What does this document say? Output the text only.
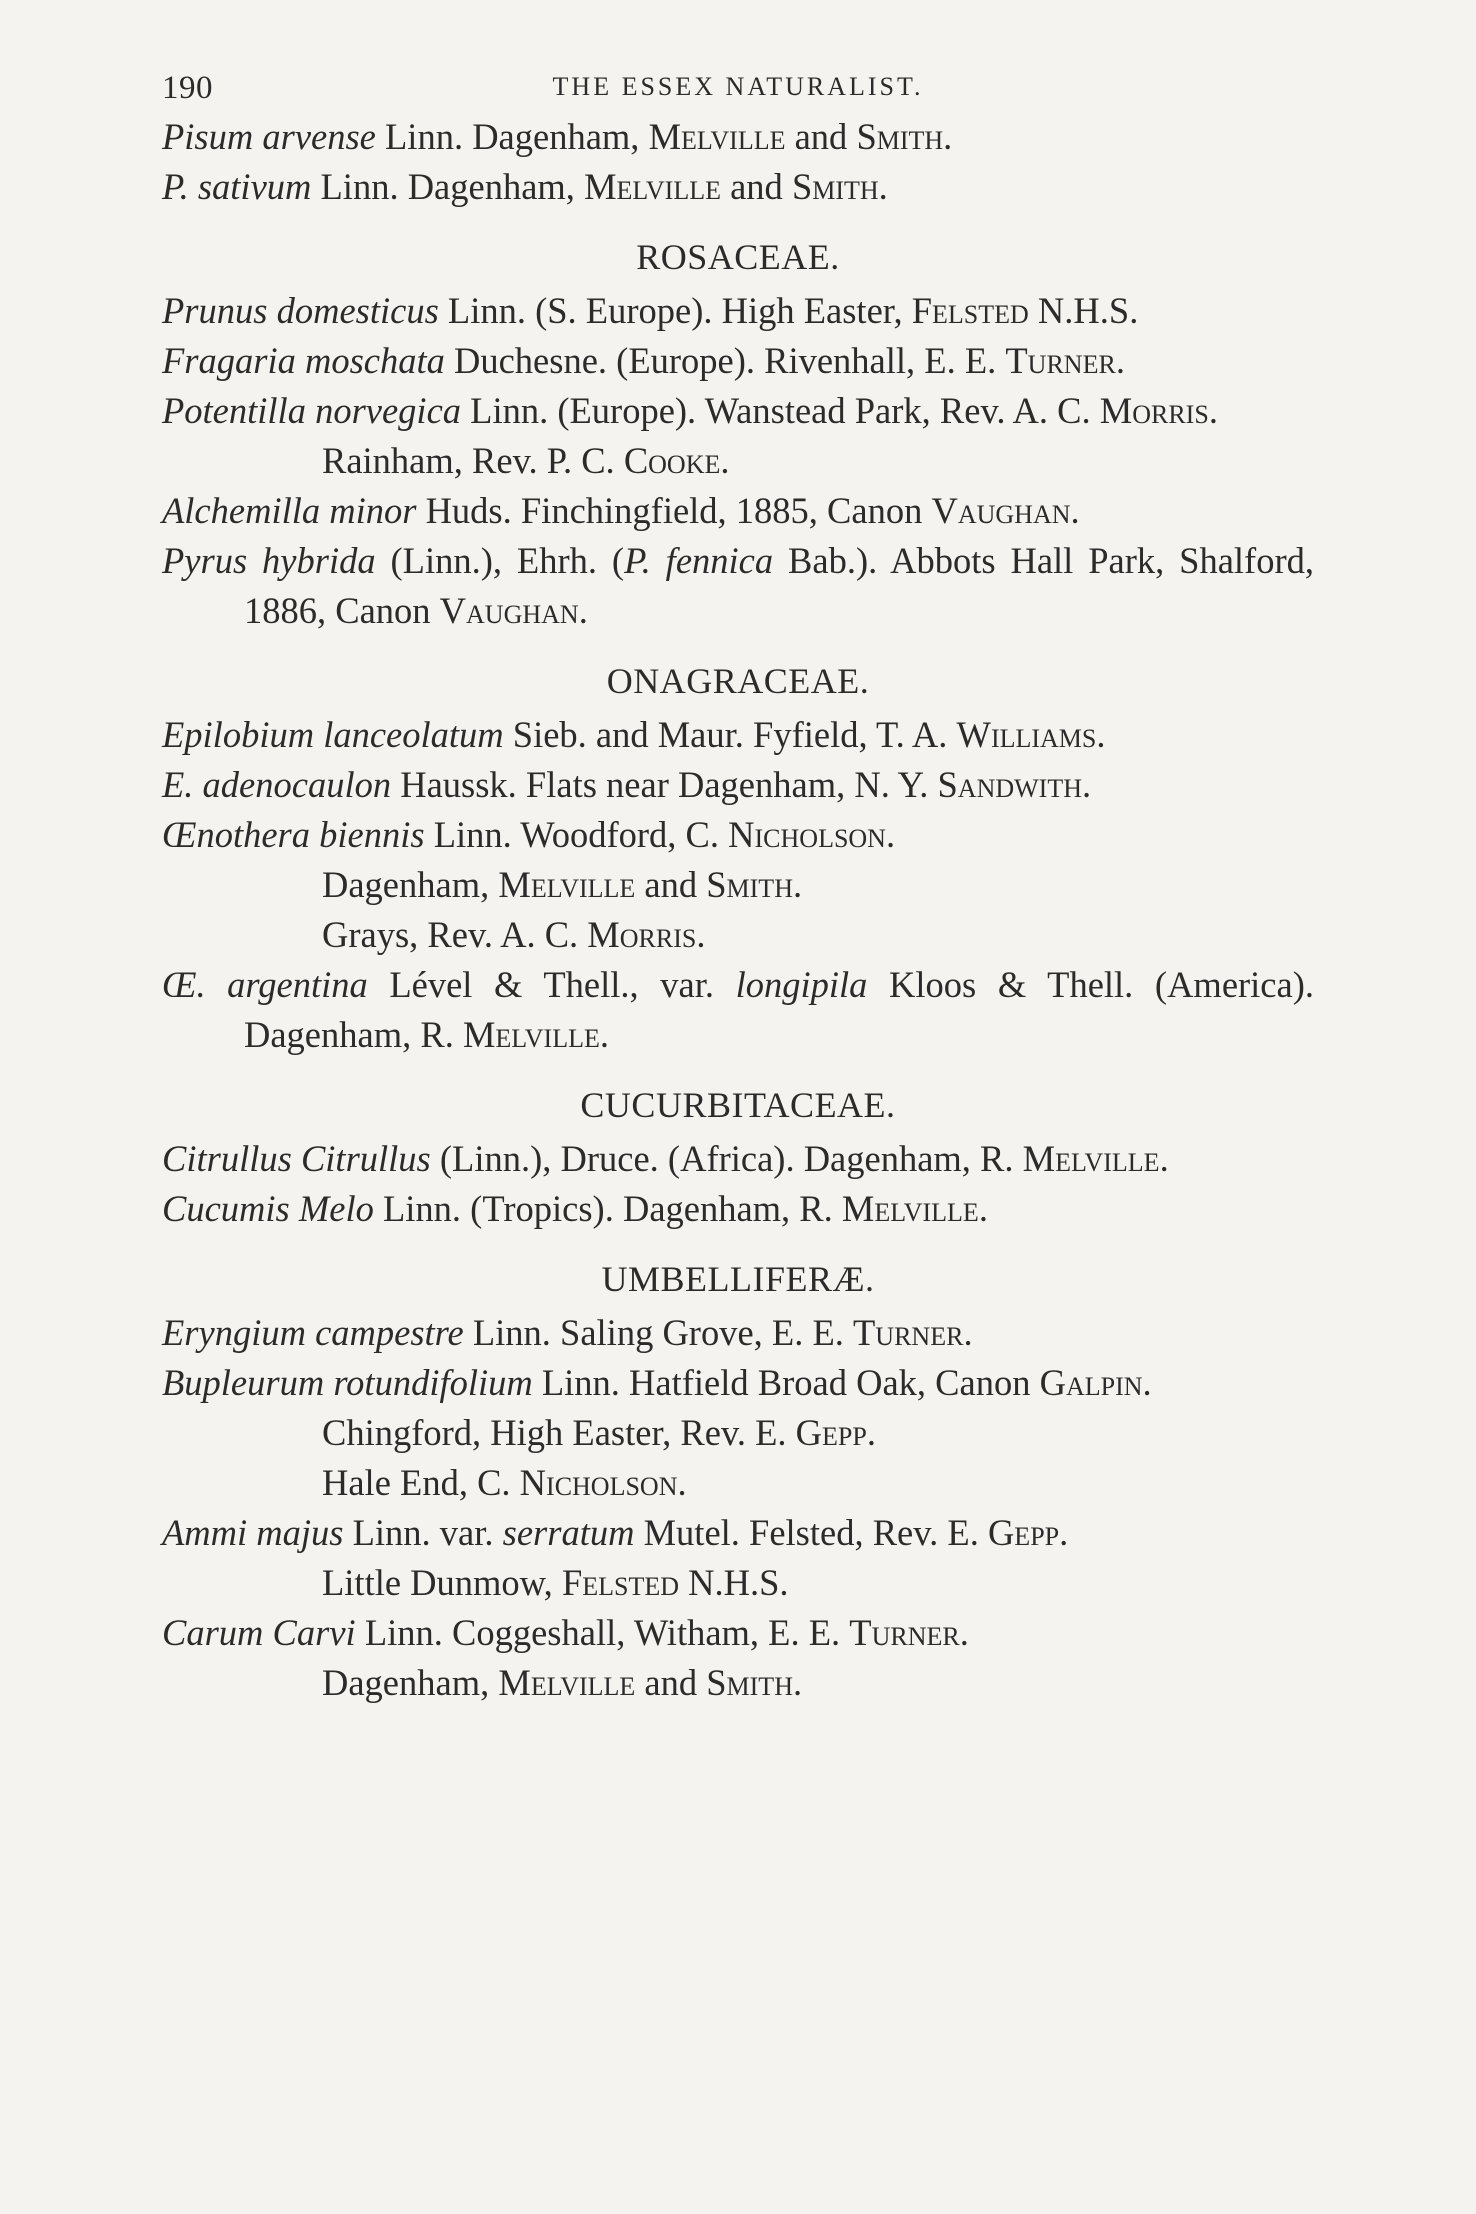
190	THE ESSEX NATURALIST.

Pisum arvense Linn. Dagenham, Melville and Smith.

P. sativum Linn. Dagenham, Melville and Smith.

ROSACEAE.

Prunus domesticus Linn. (S. Europe). High Easter, Felsted N.H.S.

Fragaria moschata Duchesne. (Europe). Rivenhall, E. E. Turner.

Potentilla norvegica Linn. (Europe). Wanstead Park, Rev. A. C. Morris.

Rainham, Rev. P. C. Cooke.

Alchemilla minor Huds. Finchingfield, 1885, Canon Vaughan.

Pyrus hybrida (Linn.), Ehrh. (P. fennica Bab.). Abbots Hall Park, Shalford, 1886, Canon Vaughan.

ONAGRACEAE.

Epilobium lanceolatum Sieb. and Maur. Fyfield, T. A. Williams.

E. adenocaulon Haussk. Flats near Dagenham, N. Y. Sandwith.

Œnothera biennis Linn. Woodford, C. Nicholson.

Dagenham, Melville and Smith.

Grays, Rev. A. C. Morris.

Œ. argentina Lével & Thell., var. longipila Kloos & Thell. (America). Dagenham, R. Melville.

CUCURBITACEAE.

Citrullus Citrullus (Linn.), Druce. (Africa). Dagenham, R. Melville.

Cucumis Melo Linn. (Tropics). Dagenham, R. Melville.

UMBELLIFERÆ.

Eryngium campestre Linn. Saling Grove, E. E. Turner.

Bupleurum rotundifolium Linn. Hatfield Broad Oak, Canon Galpin.

Chingford, High Easter, Rev. E. Gepp.

Hale End, C. Nicholson.

Ammi majus Linn. var. serratum Mutel. Felsted, Rev. E. Gepp.

Little Dunmow, Felsted N.H.S.

Carum Carvi Linn. Coggeshall, Witham, E. E. Turner.

Dagenham, Melville and Smith.
